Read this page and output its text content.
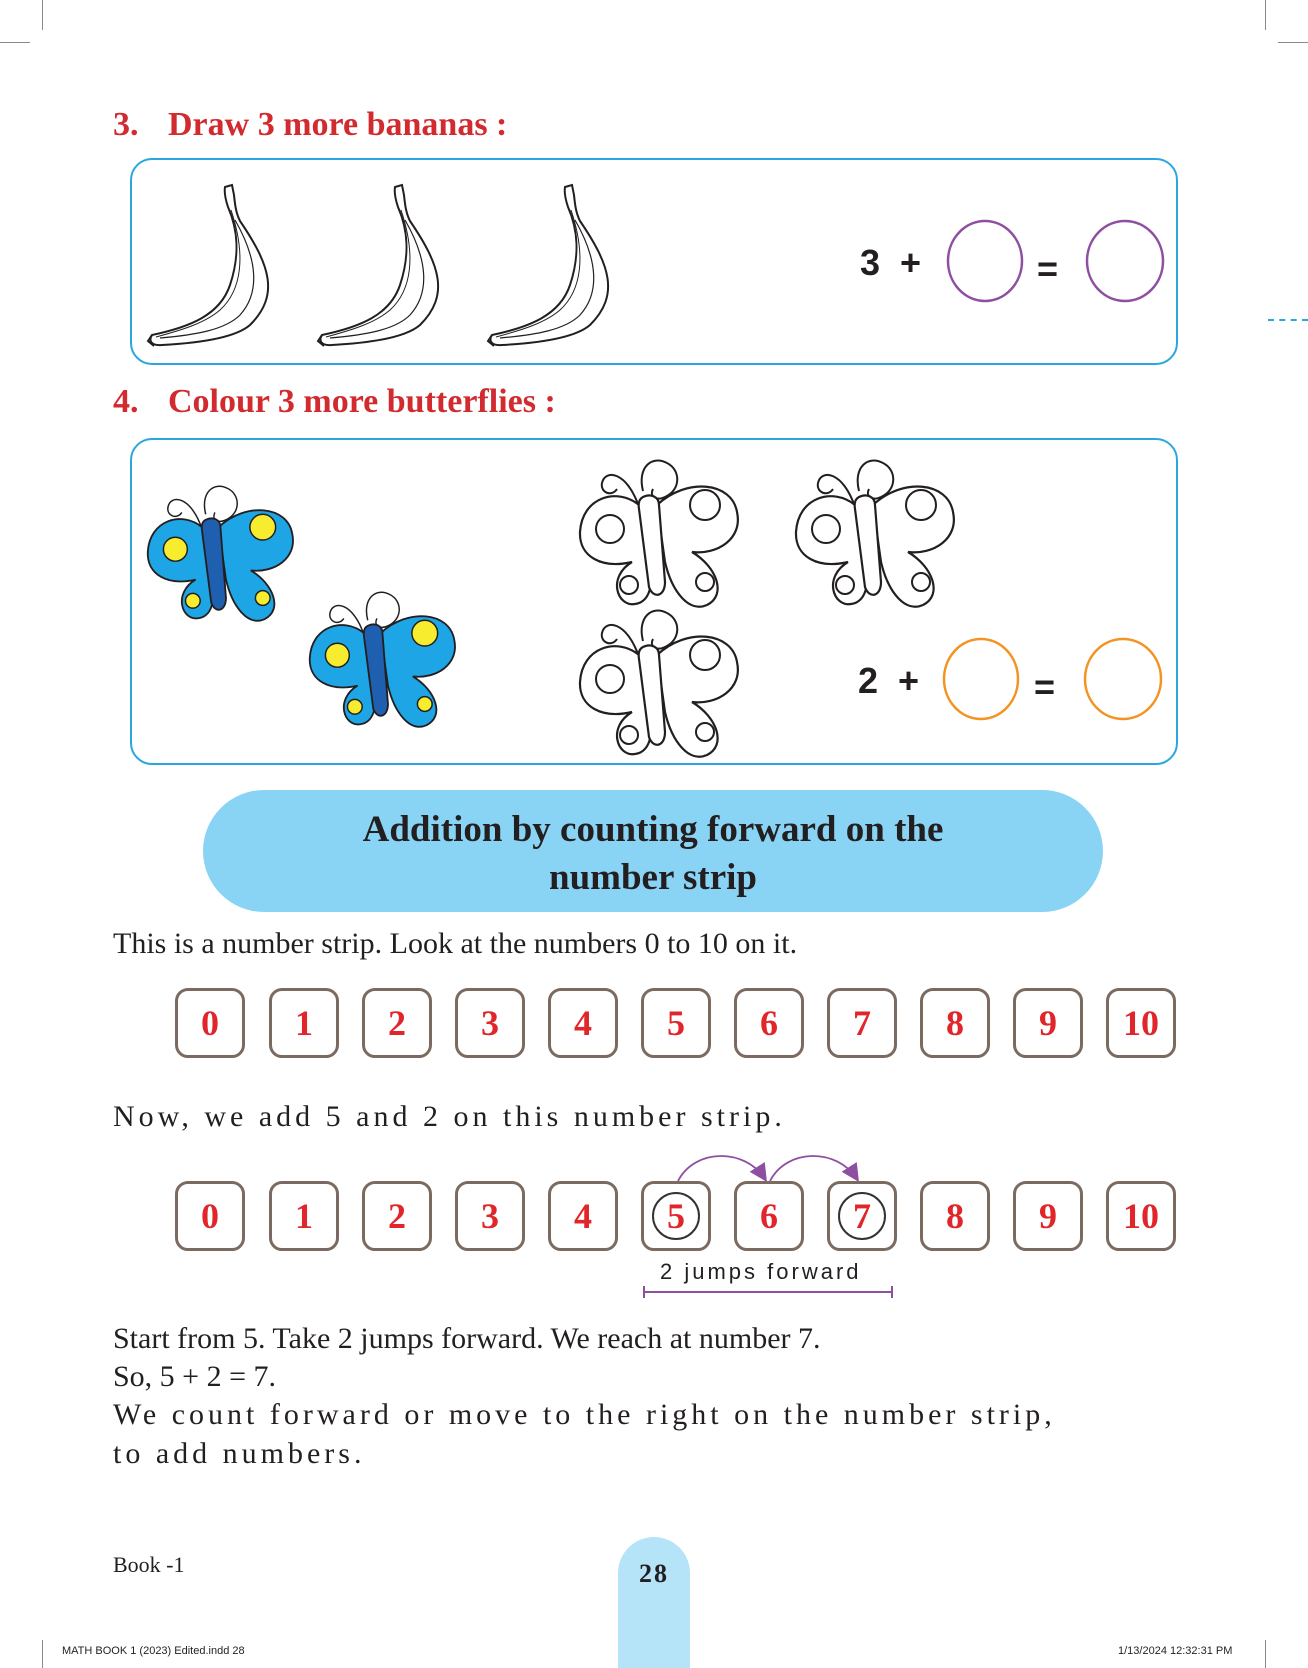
3. Draw 3 more bananas :
3 +	=
4. Colour 3 more butterflies :
2 +	=
Addition by counting forward on the
number strip
This is a number strip. Look at the numbers 0 to 10 on it.
0	1	2	3	4	5	6	7	8	9	10
Now, we add 5 and 2 on this number strip.
0	1	2	3	4	5	6	7	8	9	10
2 jumps forward
Start from 5. Take 2 jumps forward. We reach at number 7.
So, 5 + 2 = 7.
We count forward or move to the right on the number strip,
to add numbers.
Book -1	28
MATH BOOK 1 (2023) Edited.indd 28	1/13/2024 12:32:31 PM
